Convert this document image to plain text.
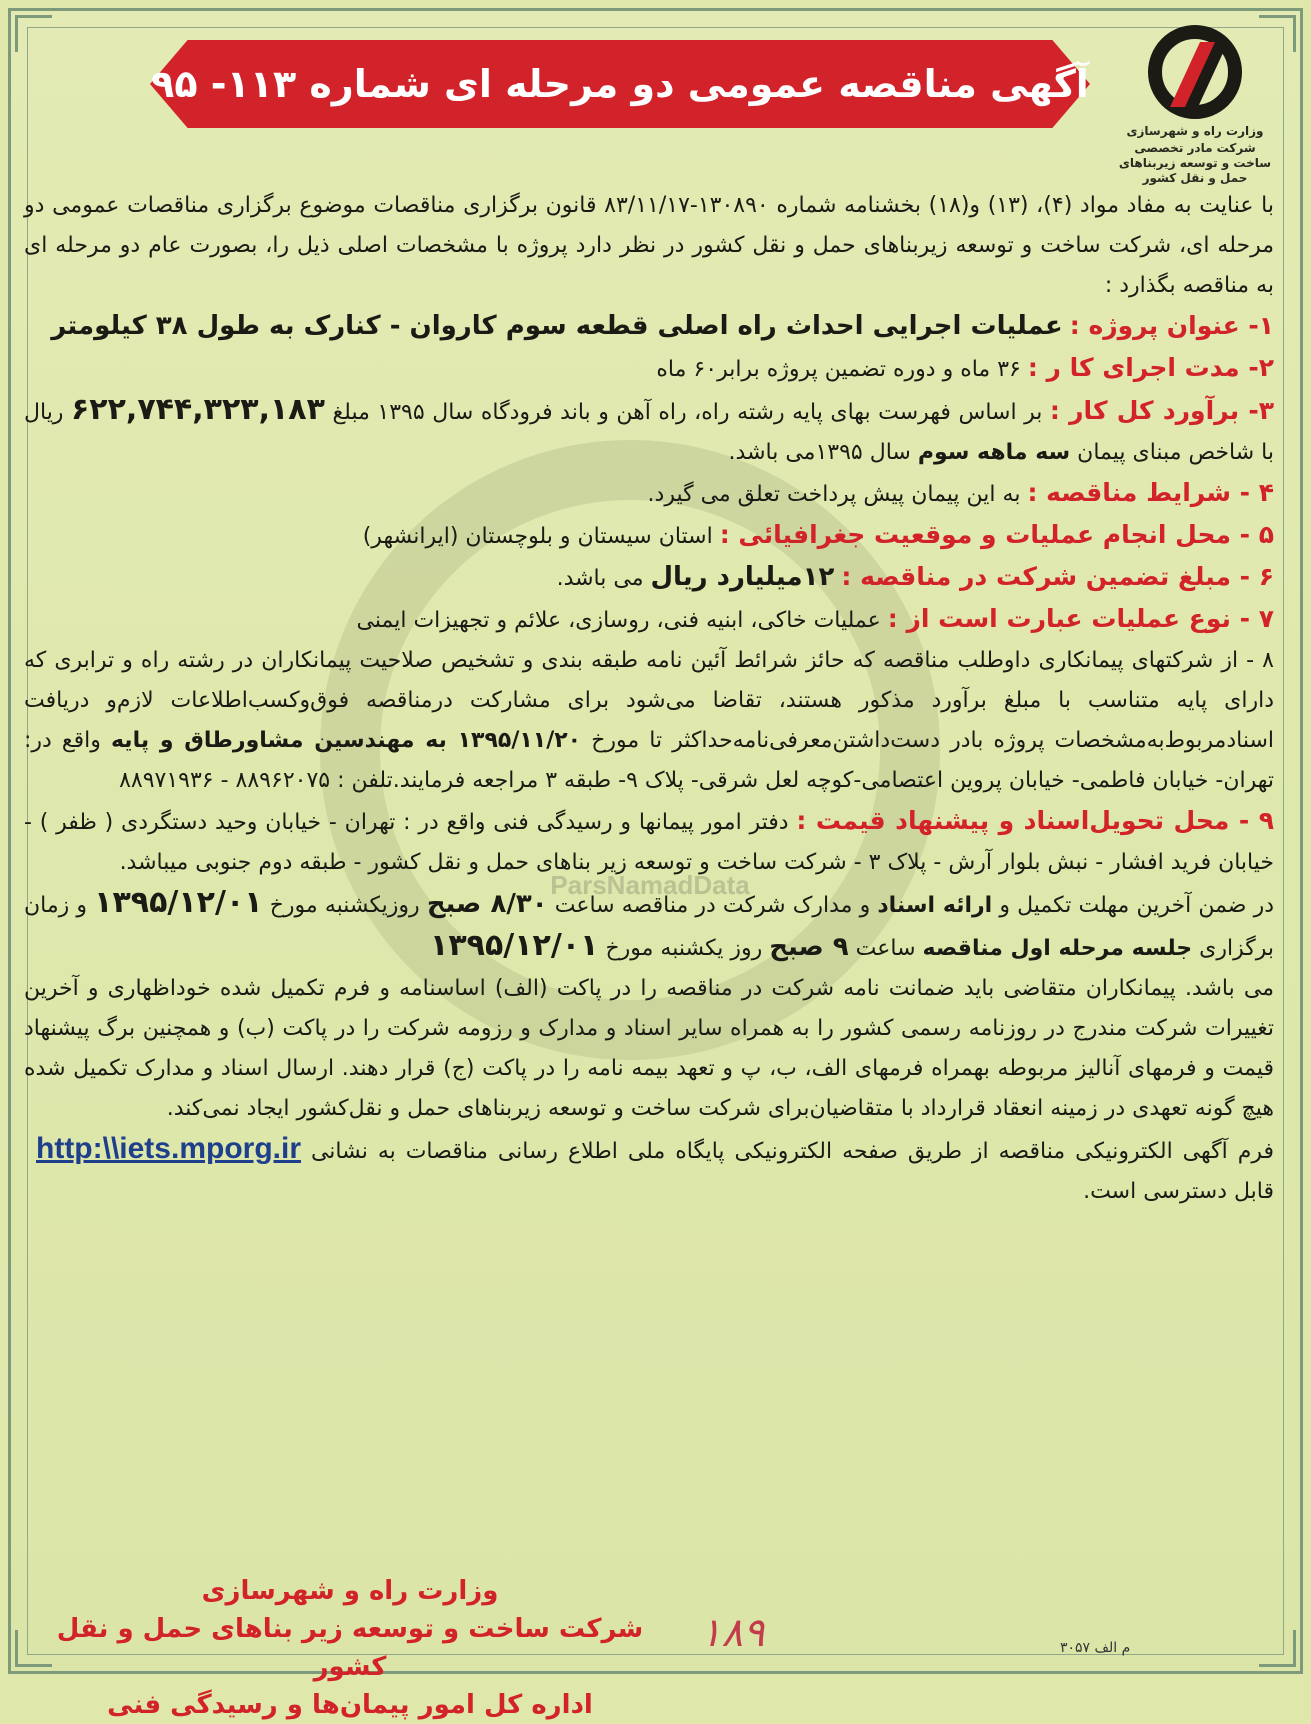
ParsNamadData
آگهی مناقصه عمومی دو مرحله ای شماره ۱۱۳- ۹۵
وزارت راه و شهرسازی
شرکت مادر تخصصی ساخت و توسعه زیربناهای حمل و نقل کشور

با عنایت به مفاد مواد (۴)، (۱۳) و(۱۸) بخشنامه شماره ۱۳۰۸۹۰-۸۳/۱۱/۱۷ قانون برگزاری مناقصات موضوع برگزاری مناقصات عمومی دو مرحله ای، شرکت ساخت و توسعه زیربناهای حمل و نقل کشور در نظر دارد پروژه با مشخصات اصلی ذیل را، بصورت عام دو مرحله ای به مناقصه بگذارد :

۱- عنوان پروژه : عملیات اجرایی احداث راه اصلی قطعه سوم کاروان - کنارک به طول ۳۸ کیلومتر

۲- مدت اجرای کا ر : ۳۶ ماه و دوره تضمین پروژه برابر۶۰ ماه

۳- برآورد کل کار : بر اساس فهرست بهای پایه رشته راه، راه آهن و باند فرودگاه سال ۱۳۹۵ مبلغ ۶۲۲,۷۴۴,۳۲۳,۱۸۳ ریال با شاخص مبنای پیمان سه ماهه سوم سال ۱۳۹۵می باشد.

۴ - شرایط مناقصه : به این پیمان پیش پرداخت تعلق می گیرد.

۵ - محل انجام عملیات و موقعیت جغرافیائی : استان سیستان و بلوچستان (ایرانشهر)

۶ - مبلغ تضمین شرکت در مناقصه : ۱۲میلیارد ریال می باشد.

۷ - نوع عملیات عبارت است از : عملیات خاکی، ابنیه فنی، روسازی، علائم و تجهیزات ایمنی

۸ - از شرکتهای پیمانکاری داوطلب مناقصه که حائز شرائط آئین نامه طبقه بندی و تشخیص صلاحیت پیمانکاران در رشته راه و ترابری که دارای پایه متناسب با مبلغ برآورد مذکور هستند، تقاضا می‌شود برای مشارکت درمناقصه فوق‌وکسب‌اطلاعات لازم‌و دریافت اسنادمربوط‌به‌مشخصات پروژه بادر دست‌داشتن‌معرفی‌نامه‌حداکثر تا مورخ ۱۳۹۵/۱۱/۲۰ به مهندسین مشاورطاق و پایه واقع در: تهران- خیابان فاطمی- خیابان پروین اعتصامی-کوچه لعل شرقی- پلاک ۹- طبقه ۳ مراجعه فرمایند.تلفن : ۸۸۹۶۲۰۷۵ - ۸۸۹۷۱۹۳۶

۹ - محل تحویل‌اسناد و پیشنهاد قیمت : دفتر امور پیمانها و رسیدگی فنی واقع در : تهران - خیابان وحید دستگردی ( ظفر ) - خیابان فرید افشار - نبش بلوار آرش - پلاک ۳ - شرکت ساخت و توسعه زیر بناهای حمل و نقل کشور - طبقه دوم جنوبی میباشد.

در ضمن آخرین مهلت تکمیل و ارائه اسناد و مدارک شرکت در مناقصه ساعت ۸/۳۰ صبح روزیکشنبه مورخ ۱۳۹۵/۱۲/۰۱ و زمان برگزاری جلسه مرحله اول مناقصه ساعت ۹ صبح روز یکشنبه مورخ ۱۳۹۵/۱۲/۰۱

می باشد. پیمانکاران متقاضی باید ضمانت نامه شرکت در مناقصه را در پاکت (الف) اساسنامه و فرم تکمیل شده خوداظهاری و آخرین تغییرات شرکت مندرج در روزنامه رسمی کشور را به همراه سایر اسناد و مدارک و رزومه شرکت را در پاکت (ب) و همچنین برگ پیشنهاد قیمت و فرمهای آنالیز مربوطه بهمراه فرمهای الف، ب، پ و تعهد بیمه نامه را در پاکت (ج) قرار دهند. ارسال اسناد و مدارک تکمیل شده هیچ گونه تعهدی در زمینه انعقاد قرارداد با متقاضیان‌برای شرکت ساخت و توسعه زیربناهای حمل و نقل‌کشور ایجاد نمی‌کند.

فرم آگهی الکترونیکی مناقصه از طریق صفحه الکترونیکی پایگاه ملی اطلاع رسانی مناقصات به نشانی http:\\iets.mporg.ir قابل دسترسی است.

وزارت راه و شهرسازی
شرکت ساخت و توسعه زیر بناهای حمل و نقل کشور
اداره کل امور پیمان‌ها و رسیدگی فنی
۱۸۹	م الف ۳۰۵۷
